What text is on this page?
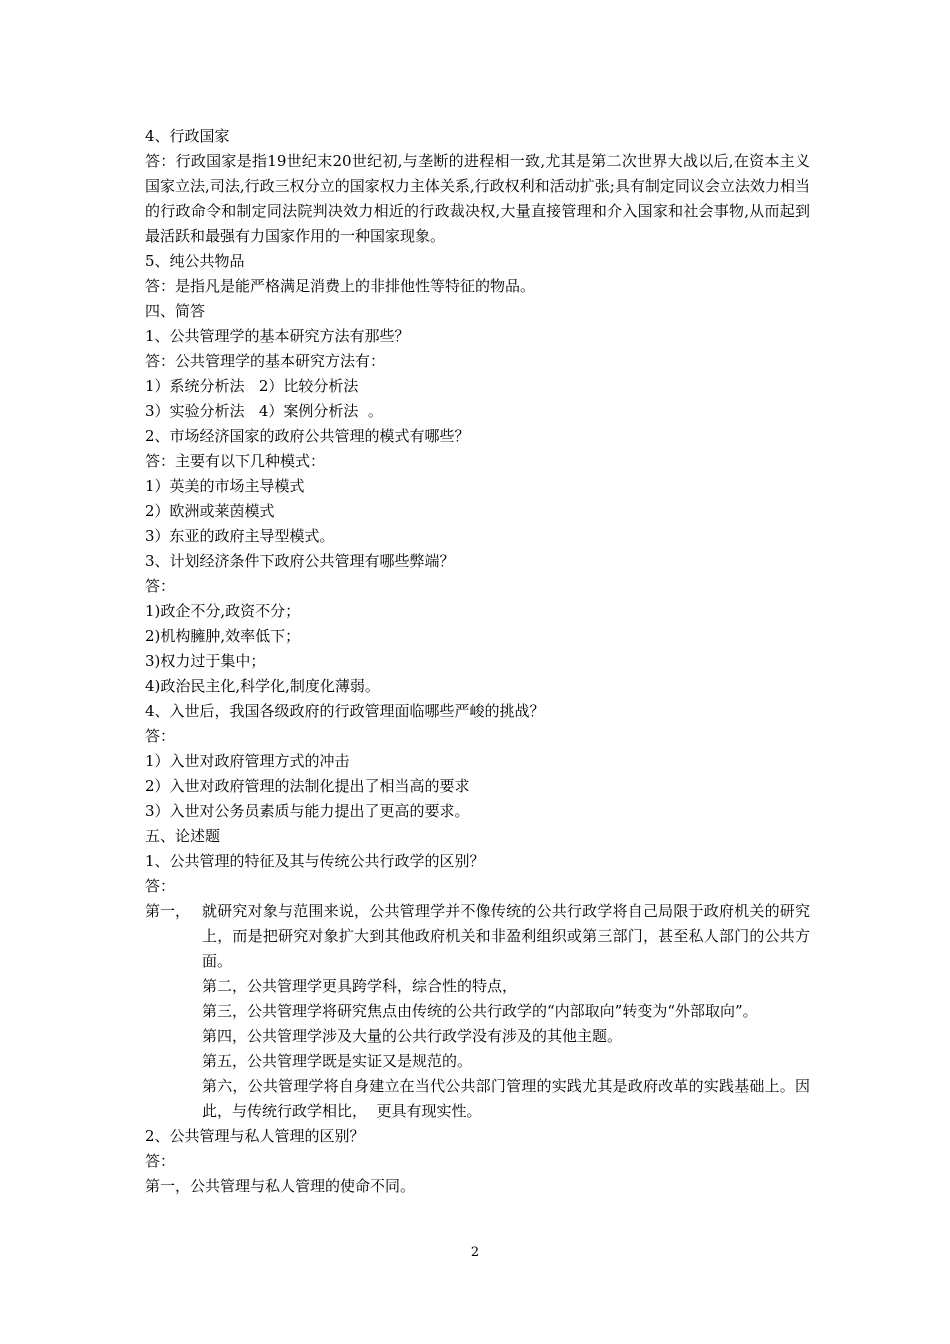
4、行政国家
答：行政国家是指19世纪末20世纪初,与垄断的进程相一致,尤其是第二次世界大战以后,在资本主义国家立法,司法,行政三权分立的国家权力主体关系,行政权利和活动扩张;具有制定同议会立法效力相当的行政命令和制定同法院判决效力相近的行政裁决权,大量直接管理和介入国家和社会事物,从而起到最活跃和最强有力国家作用的一种国家现象。
5、纯公共物品
答：是指凡是能严格满足消费上的非排他性等特征的物品。
四、简答
1、公共管理学的基本研究方法有那些？
答：公共管理学的基本研究方法有：
1）系统分析法   2）比较分析法
3）实验分析法   4）案例分析法  。
2、市场经济国家的政府公共管理的模式有哪些？
答：主要有以下几种模式：
1）英美的市场主导模式
2）欧洲或莱茵模式
3）东亚的政府主导型模式。
3、计划经济条件下政府公共管理有哪些弊端？
答：
1)政企不分,政资不分；
2)机构臃肿,效率低下；
3)权力过于集中；
4)政治民主化,科学化,制度化薄弱。
4、入世后，我国各级政府的行政管理面临哪些严峻的挑战？
答：
1）入世对政府管理方式的冲击
2）入世对政府管理的法制化提出了相当高的要求
3）入世对公务员素质与能力提出了更高的要求。
五、论述题
1、公共管理的特征及其与传统公共行政学的区别？
答：
第一， 就研究对象与范围来说，公共管理学并不像传统的公共行政学将自己局限于政府机关的研究上，而是把研究对象扩大到其他政府机关和非盈利组织或第三部门，甚至私人部门的公共方面。
第二，公共管理学更具跨学科，综合性的特点，
第三，公共管理学将研究焦点由传统的公共行政学的“内部取向”转变为“外部取向”。
第四，公共管理学涉及大量的公共行政学没有涉及的其他主题。
第五，公共管理学既是实证又是规范的。
第六，公共管理学将自身建立在当代公共部门管理的实践尤其是政府改革的实践基础上。因此，与传统行政学相比，  更具有现实性。
2、公共管理与私人管理的区别？
答：
第一，公共管理与私人管理的使命不同。
2
